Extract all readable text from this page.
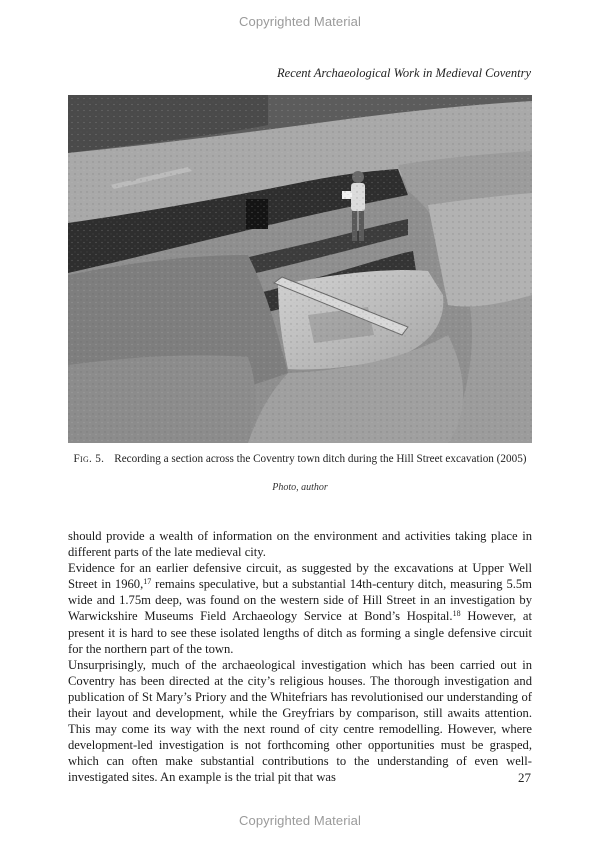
Copyrighted Material
Recent Archaeological Work in Medieval Coventry
Fig. 5. Recording a section across the Coventry town ditch during the Hill Street excavation (2005)
Photo, author

should provide a wealth of information on the environment and activities taking place in different parts of the late medieval city.

Evidence for an earlier defensive circuit, as suggested by the excavations at Upper Well Street in 1960,17 remains speculative, but a substantial 14th-century ditch, measuring 5.5m wide and 1.75m deep, was found on the western side of Hill Street in an investigation by Warwickshire Museums Field Archaeology Service at Bond’s Hospital.$^{18}$ However, at present it is hard to see these isolated lengths of ditch as forming a single defensive circuit for the northern part of the town.

Unsurprisingly, much of the archaeological investigation which has been carried out in Coventry has been directed at the city’s religious houses. The thorough investigation and publication of St Mary’s Priory and the Whitefriars has revolutionised our understanding of their layout and development, while the Greyfriars by comparison, still awaits attention. This may come its way with the next round of city centre remodelling. However, where development-led investigation is not forthcoming other opportunities must be grasped, which can often make substantial contributions to the understanding of even well-investigated sites. An example is the trial pit that was	27
Copyrighted Material
